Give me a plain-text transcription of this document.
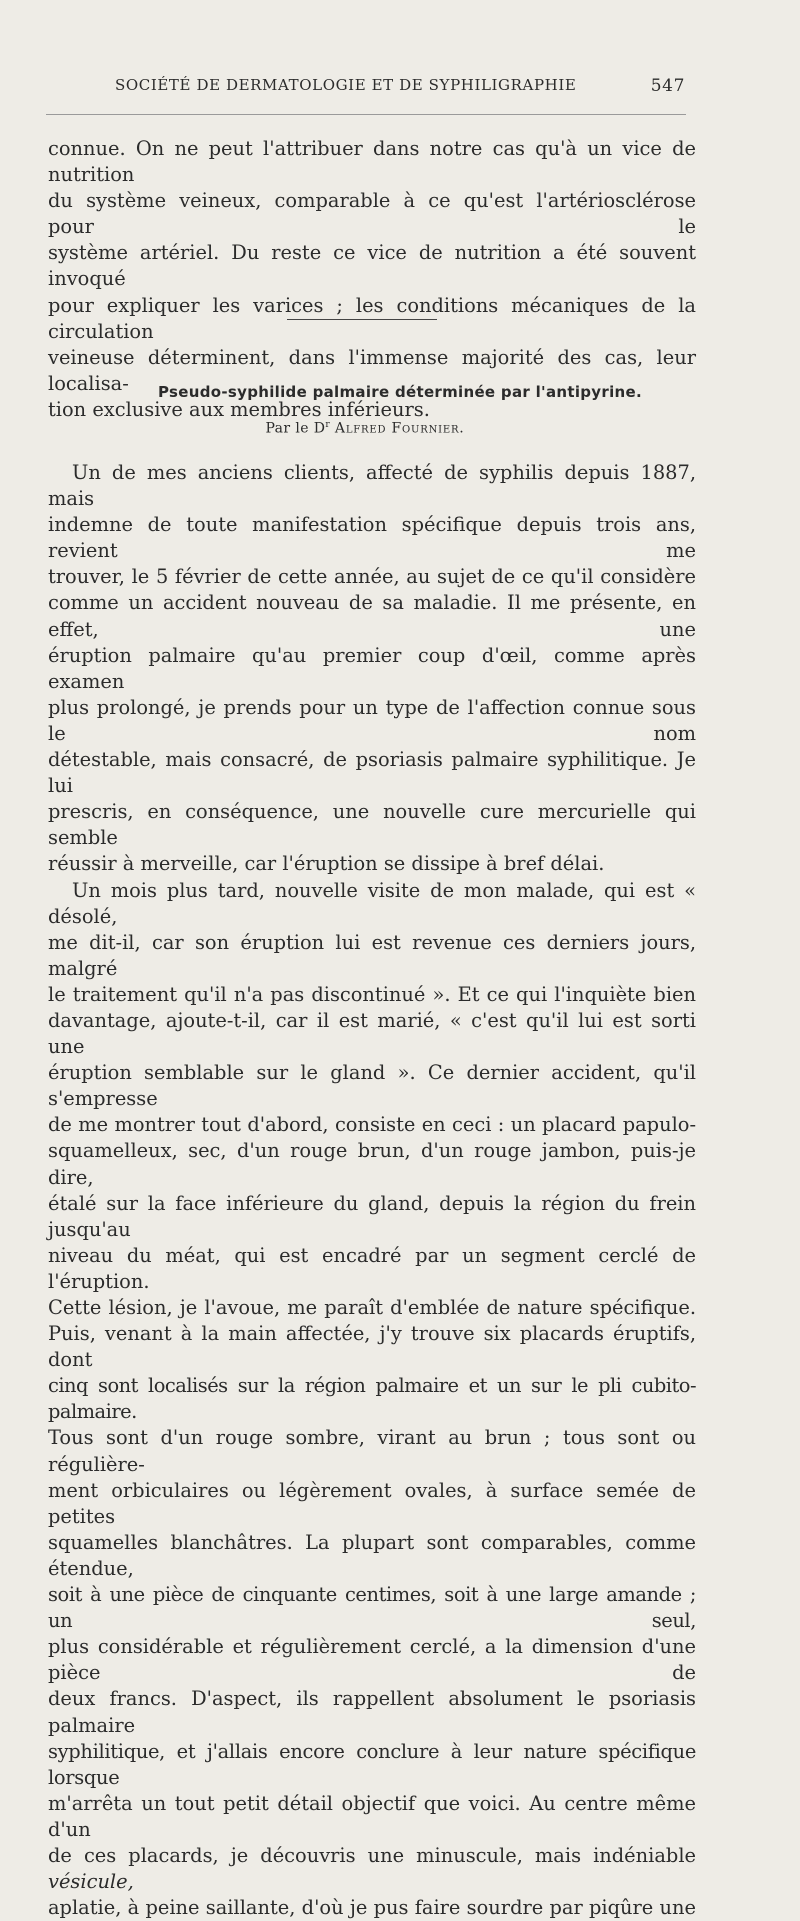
SOCIÉTÉ DE DERMATOLOGIE ET DE SYPHILIGRAPHIE	547
connue. On ne peut l'attribuer dans notre cas qu'à un vice de nutrition
du système veineux, comparable à ce qu'est l'artériosclérose pour le
système artériel. Du reste ce vice de nutrition a été souvent invoqué
pour expliquer les varices ; les conditions mécaniques de la circulation
veineuse déterminent, dans l'immense majorité des cas, leur localisa-
tion exclusive aux membres inférieurs.
Pseudo-syphilide palmaire déterminée par l'antipyrine.
Par le $D^r$ Alfred Fournier.
Un de mes anciens clients, affecté de syphilis depuis 1887, mais
indemne de toute manifestation spécifique depuis trois ans, revient me
trouver, le 5 février de cette année, au sujet de ce qu'il considère
comme un accident nouveau de sa maladie. Il me présente, en effet, une
éruption palmaire qu'au premier coup d'œil, comme après examen
plus prolongé, je prends pour un type de l'affection connue sous le nom
détestable, mais consacré, de psoriasis palmaire syphilitique. Je lui
prescris, en conséquence, une nouvelle cure mercurielle qui semble
réussir à merveille, car l'éruption se dissipe à bref délai.
Un mois plus tard, nouvelle visite de mon malade, qui est « désolé,
me dit-il, car son éruption lui est revenue ces derniers jours, malgré
le traitement qu'il n'a pas discontinué ». Et ce qui l'inquiète bien
davantage, ajoute-t-il, car il est marié, « c'est qu'il lui est sorti une
éruption semblable sur le gland ». Ce dernier accident, qu'il s'empresse
de me montrer tout d'abord, consiste en ceci : un placard papulo-
squamelleux, sec, d'un rouge brun, d'un rouge jambon, puis-je dire,
étalé sur la face inférieure du gland, depuis la région du frein jusqu'au
niveau du méat, qui est encadré par un segment cerclé de l'éruption.
Cette lésion, je l'avoue, me paraît d'emblée de nature spécifique.
Puis, venant à la main affectée, j'y trouve six placards éruptifs, dont
cinq sont localisés sur la région palmaire et un sur le pli cubito-palmaire.
Tous sont d'un rouge sombre, virant au brun ; tous sont ou régulière-
ment orbiculaires ou légèrement ovales, à surface semée de petites
squamelles blanchâtres. La plupart sont comparables, comme étendue,
soit à une pièce de cinquante centimes, soit à une large amande ; un seul,
plus considérable et régulièrement cerclé, a la dimension d'une pièce de
deux francs. D'aspect, ils rappellent absolument le psoriasis palmaire
syphilitique, et j'allais encore conclure à leur nature spécifique lorsque
m'arrêta un tout petit détail objectif que voici. Au centre même d'un
de ces placards, je découvris une minuscule, mais indéniable vésicule,
aplatie, à peine saillante, d'où je pus faire sourdre par piqûre une
